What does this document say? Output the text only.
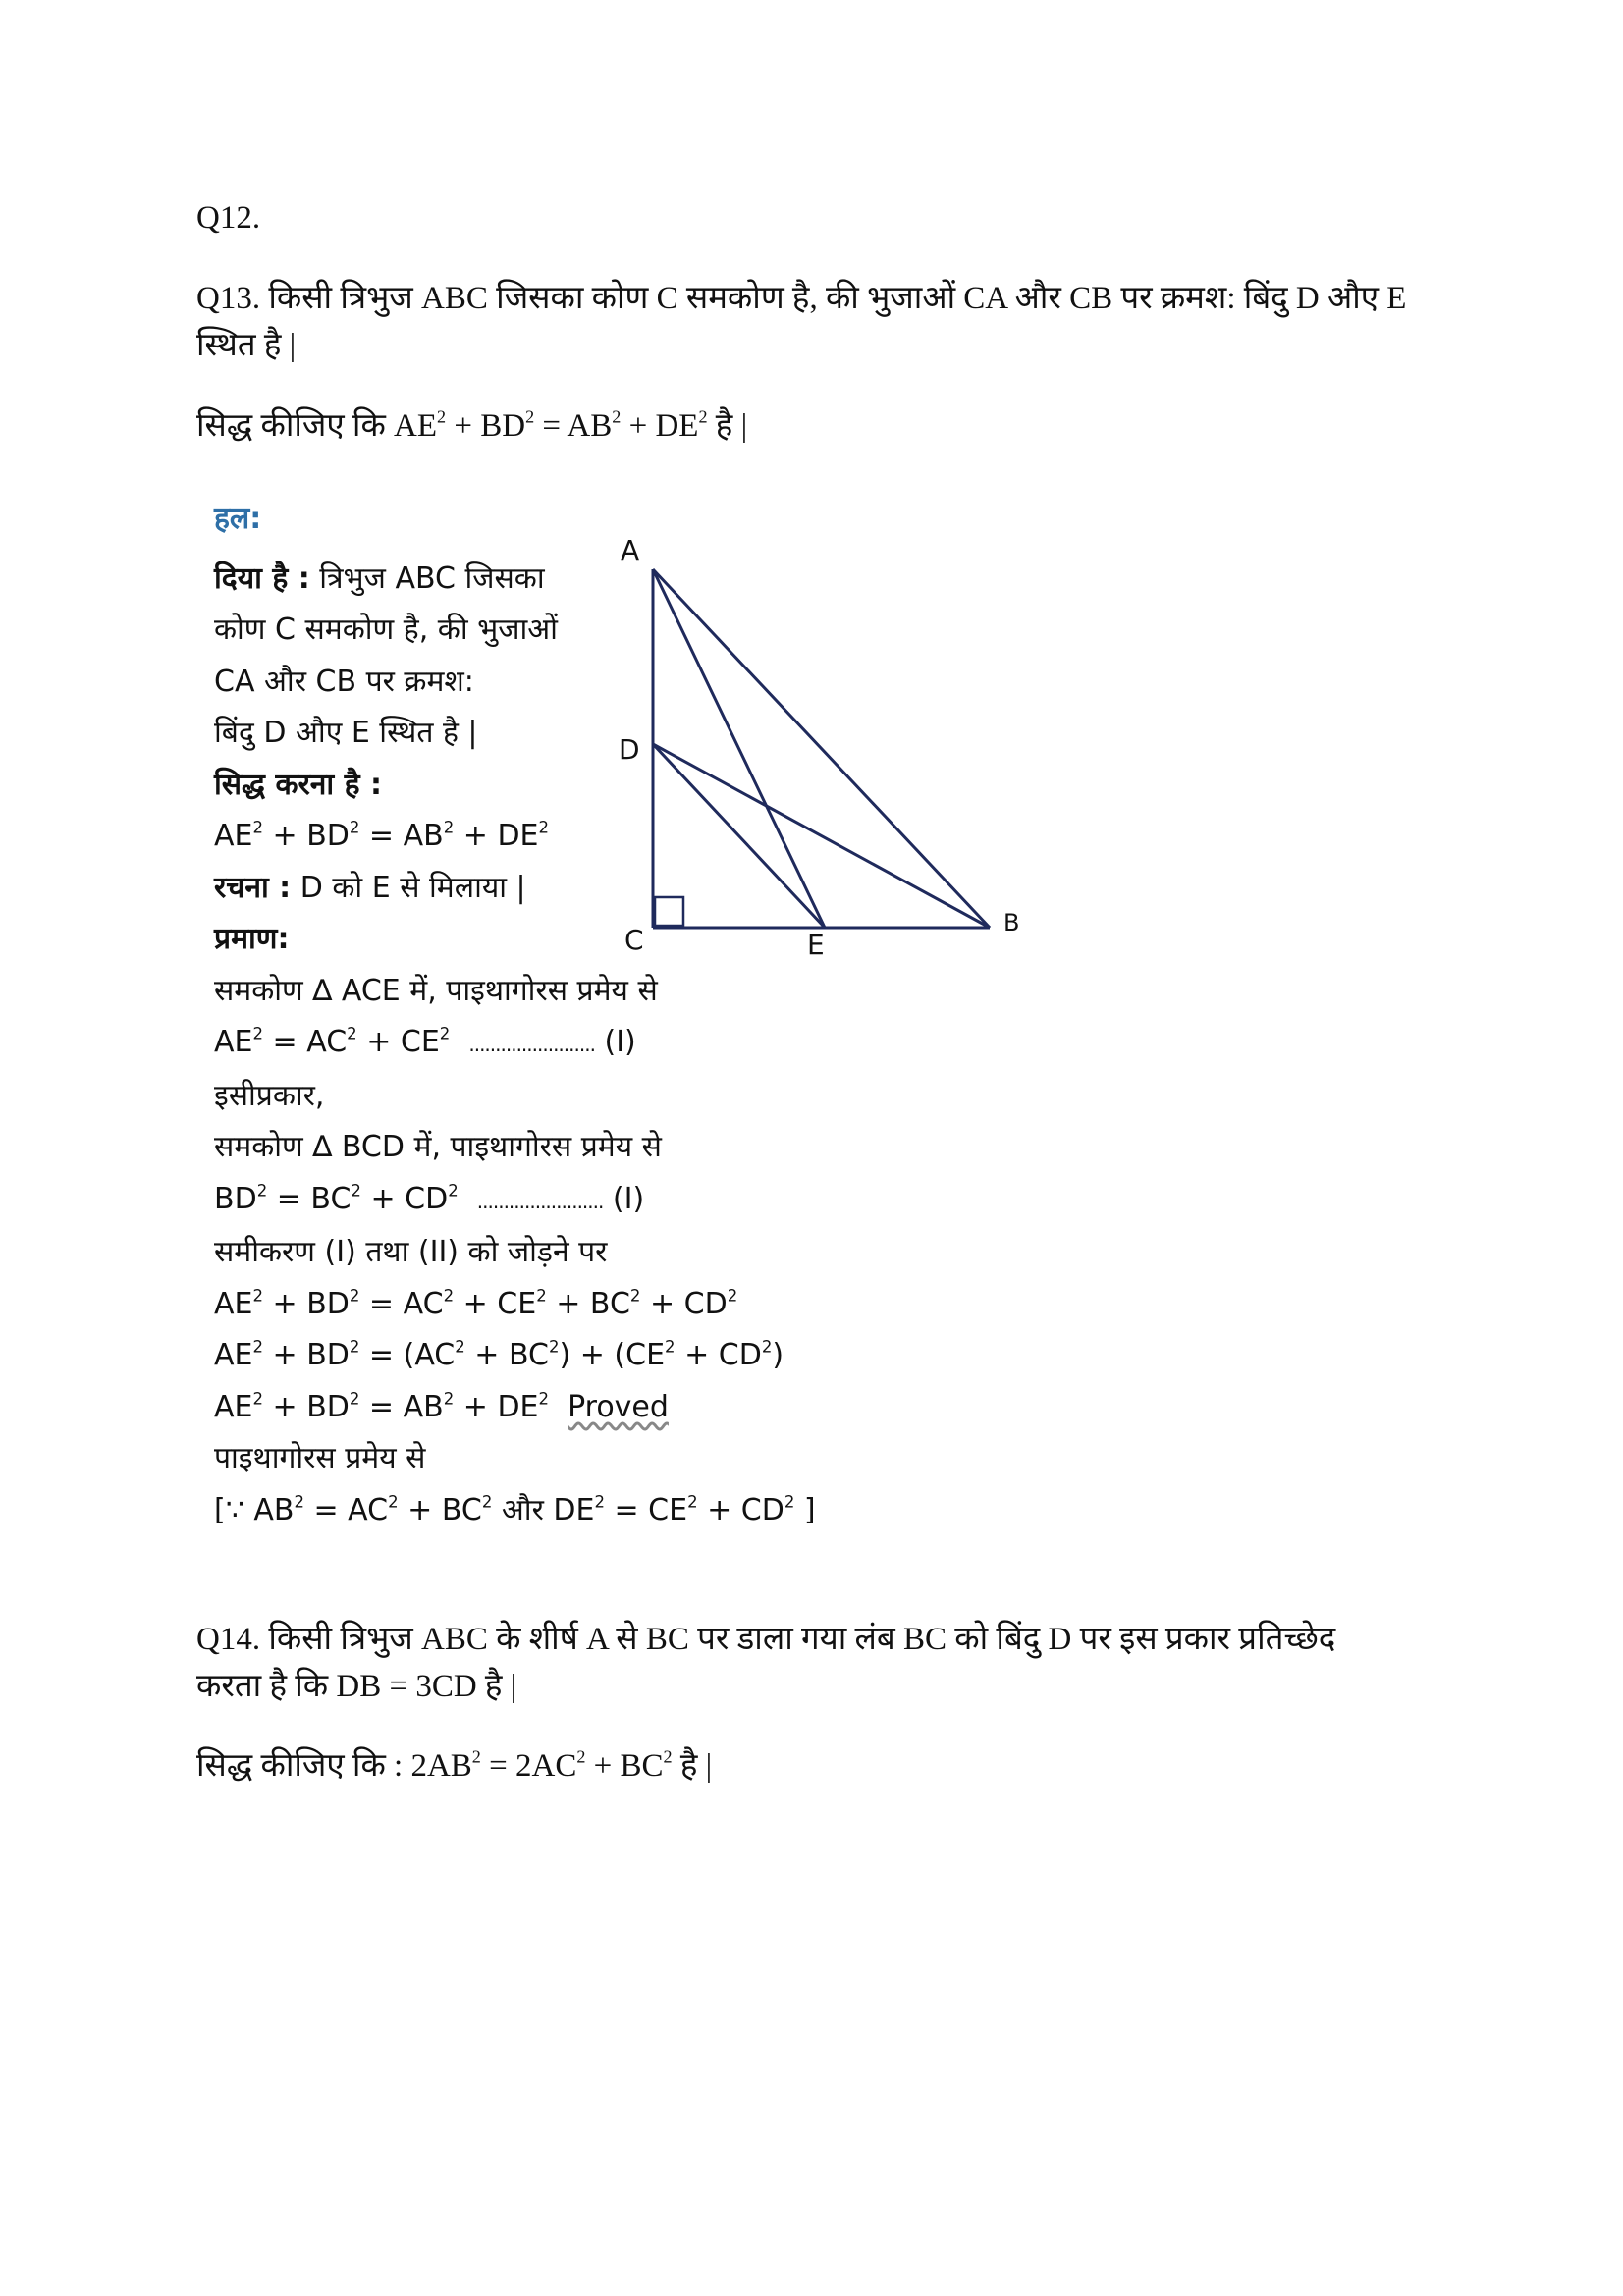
Q12.
Q13. किसी त्रिभुज ABC जिसका कोण C समकोण है, की भुजाओं CA और CB पर क्रमश: बिंदु D औए E
स्थित है |
सिद्ध कीजिए कि $AE^2 + BD^2 = AB^2 + DE^2$ है |
हल:
दिया है : त्रिभुज ABC जिसका
कोण C समकोण है, की भुजाओं
CA और CB पर क्रमश:
बिंदु D औए E स्थित है |
सिद्ध करना है :
$AE^2 + BD^2 = AB^2 + DE^2$
रचना : D को E से मिलाया |
प्रमाण:
समकोण ∆ ACE में, पाइथागोरस प्रमेय से
$AE^2 = AC^2 + CE^2$ ........................ (I)
इसीप्रकार,
समकोण ∆ BCD में, पाइथागोरस प्रमेय से
$BD^2 = BC^2 + CD^2$ ........................ (I)
समीकरण (I) तथा (II) को जोड़ने पर
$AE^2 + BD^2 = AC^2 + CE^2 + BC^2 + CD^2$
$AE^2 + BD^2 = (AC^2 + BC^2) + (CE^2 + CD^2)$
$AE^2 + BD^2 = AB^2 + DE^2$ Proved
पाइथागोरस प्रमेय से
[∵ $AB^2 = AC^2 + BC^2$ और $DE^2 = CE^2 + CD^2$ ]
A
D
C	E
B
Q14. किसी त्रिभुज ABC के शीर्ष A से BC पर डाला गया लंब BC को बिंदु D पर इस प्रकार प्रतिच्छेद
करता है कि DB = 3CD है |
सिद्ध कीजिए कि : $2AB^2 = 2AC^2 + BC^2$ है |
